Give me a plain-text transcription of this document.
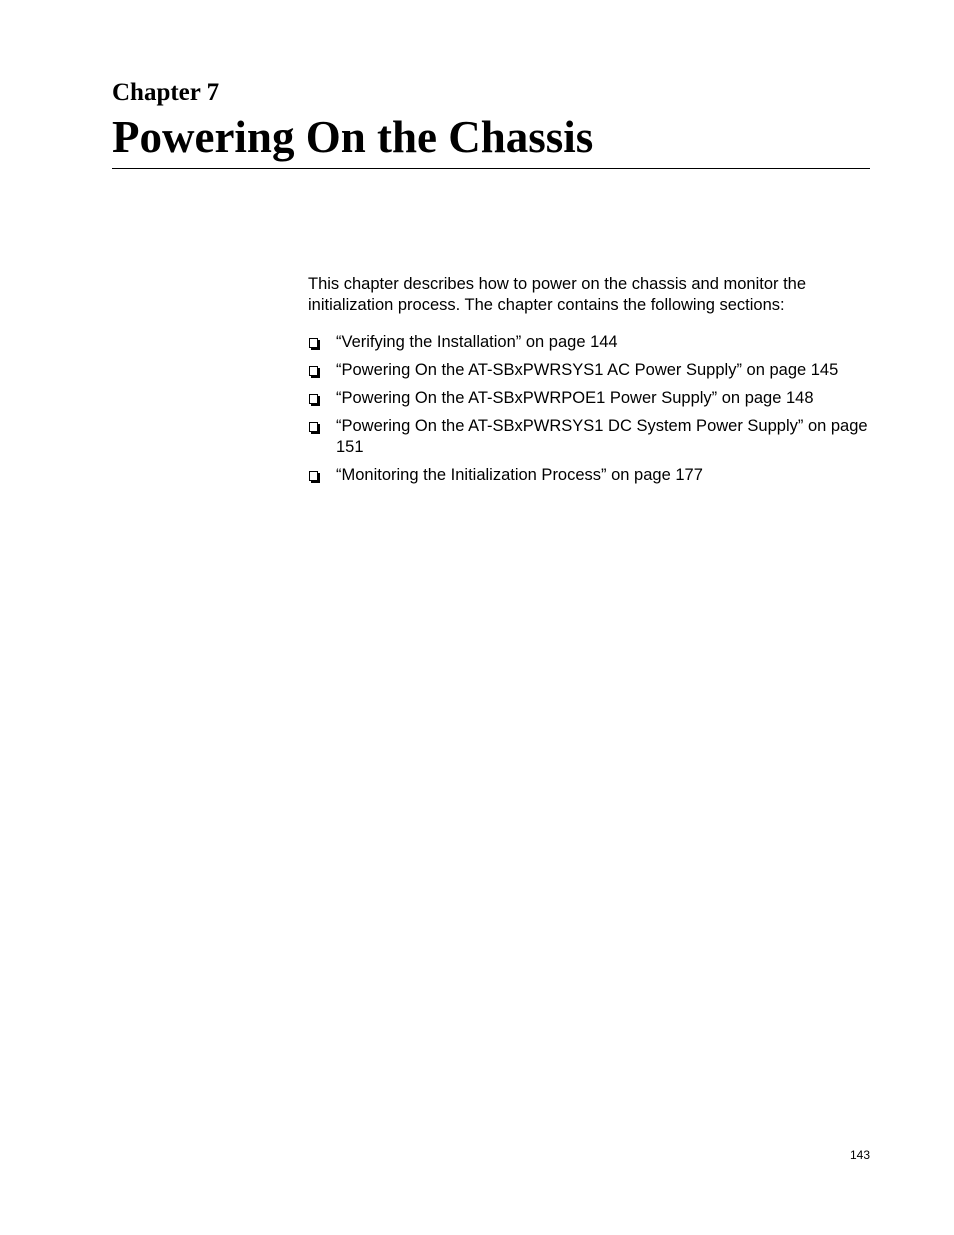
Chapter 7
Powering On the Chassis

This chapter describes how to power on the chassis and monitor the initialization process. The chapter contains the following sections:

“Verifying the Installation” on page 144
“Powering On the AT-SBxPWRSYS1 AC Power Supply” on page 145
“Powering On the AT-SBxPWRPOE1 Power Supply” on page 148
“Powering On the AT-SBxPWRSYS1 DC System Power Supply” on page 151
“Monitoring the Initialization Process” on page 177

143
